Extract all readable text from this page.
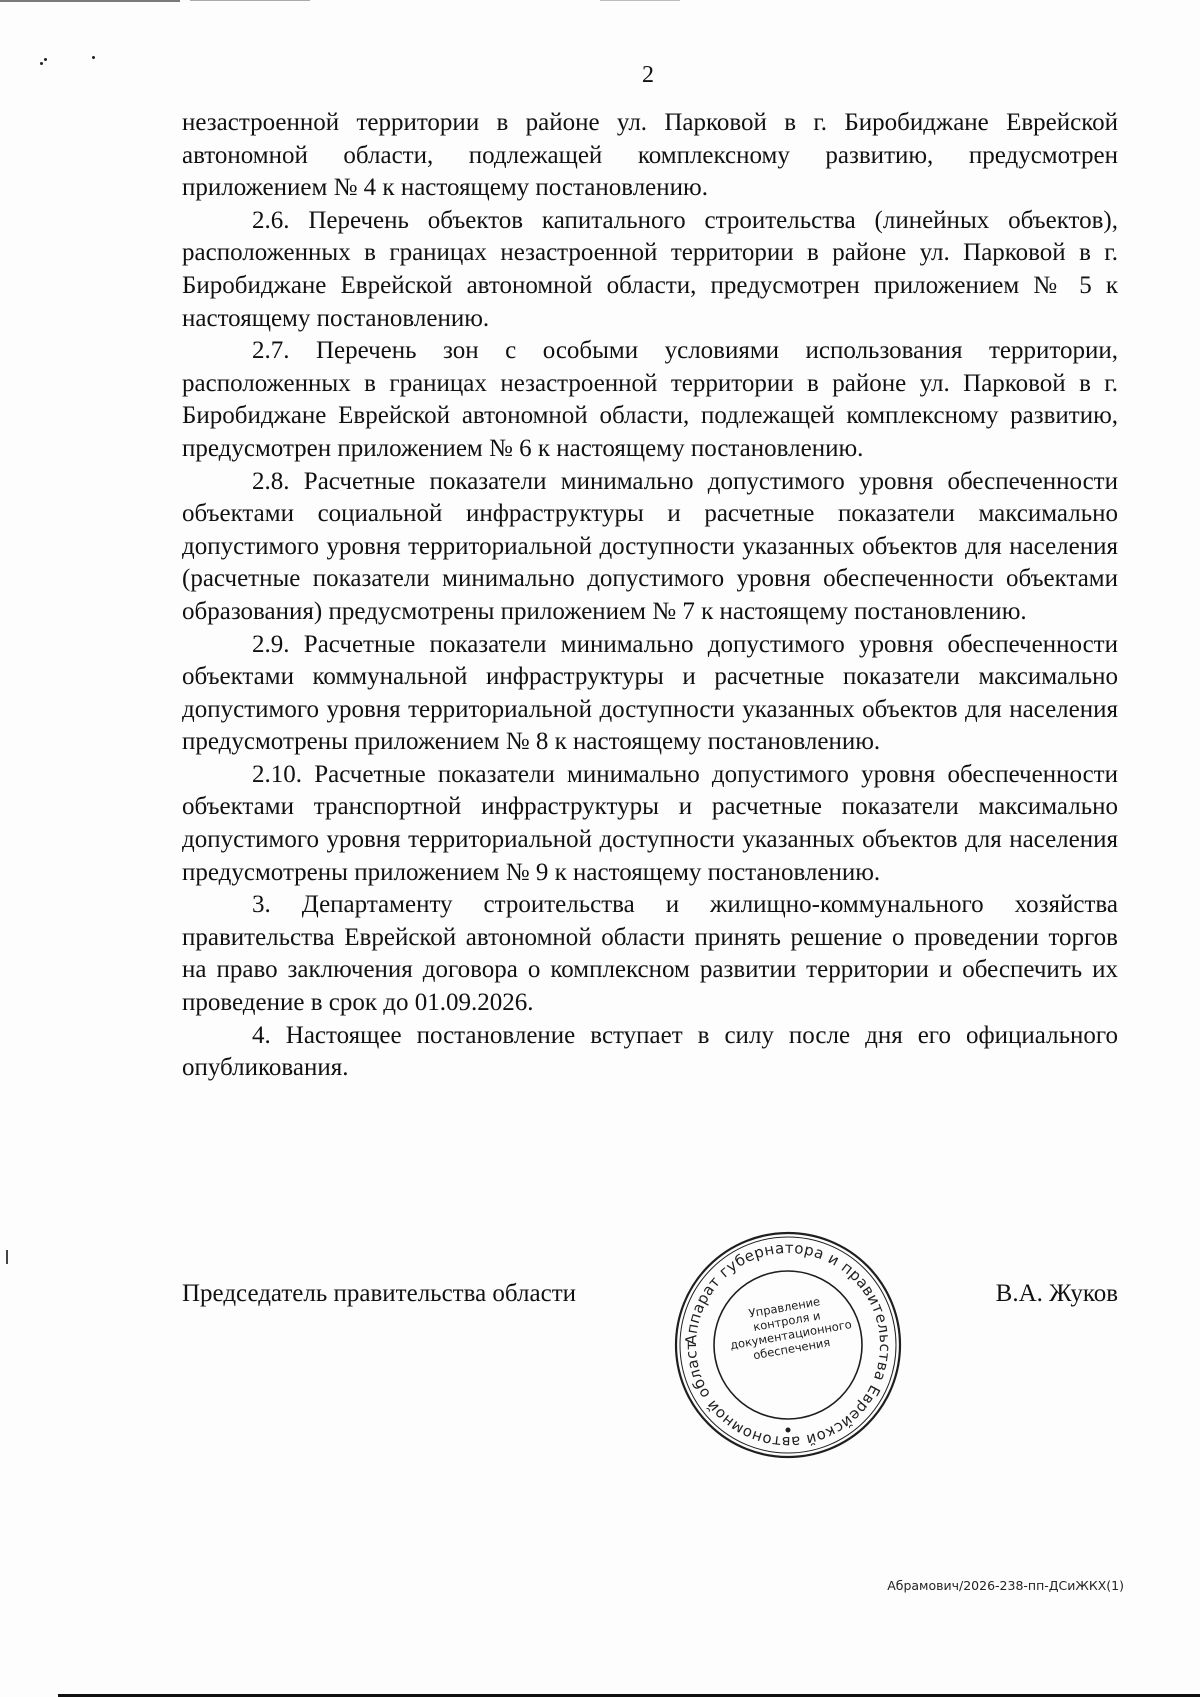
2

незастроенной территории в районе ул. Парковой в г. Биробиджане Еврейской автономной области, подлежащей комплексному развитию, предусмотрен приложением № 4 к настоящему постановлению.

2.6. Перечень объектов капитального строительства (линейных объектов), расположенных в границах незастроенной территории в районе ул. Парковой в г. Биробиджане Еврейской автономной области, предусмотрен приложением № 5 к настоящему постановлению.

2.7. Перечень зон с особыми условиями использования территории, расположенных в границах незастроенной территории в районе ул. Парковой в г. Биробиджане Еврейской автономной области, подлежащей комплексному развитию, предусмотрен приложением № 6 к настоящему постановлению.

2.8. Расчетные показатели минимально допустимого уровня обеспеченности объектами социальной инфраструктуры и расчетные показатели максимально допустимого уровня территориальной доступности указанных объектов для населения (расчетные показатели минимально допустимого уровня обеспеченности объектами образования) предусмотрены приложением № 7 к настоящему постановлению.

2.9. Расчетные показатели минимально допустимого уровня обеспеченности объектами коммунальной инфраструктуры и расчетные показатели максимально допустимого уровня территориальной доступности указанных объектов для населения предусмотрены приложением № 8 к настоящему постановлению.

2.10. Расчетные показатели минимально допустимого уровня обеспеченности объектами транспортной инфраструктуры и расчетные показатели максимально допустимого уровня территориальной доступности указанных объектов для населения предусмотрены приложением № 9 к настоящему постановлению.

3. Департаменту строительства и жилищно-коммунального хозяйства правительства Еврейской автономной области принять решение о проведении торгов на право заключения договора о комплексном развитии территории и обеспечить их проведение в срок до 01.09.2026.

4. Настоящее постановление вступает в силу после дня его официального опубликования.

Аппарат губернатора и правительства Еврейской автономной област
Управление контроля и документационного обеспечения
Председатель правительства области	В.А. Жуков
Абрамович/2026-238-пп-ДСиЖКХ(1)
